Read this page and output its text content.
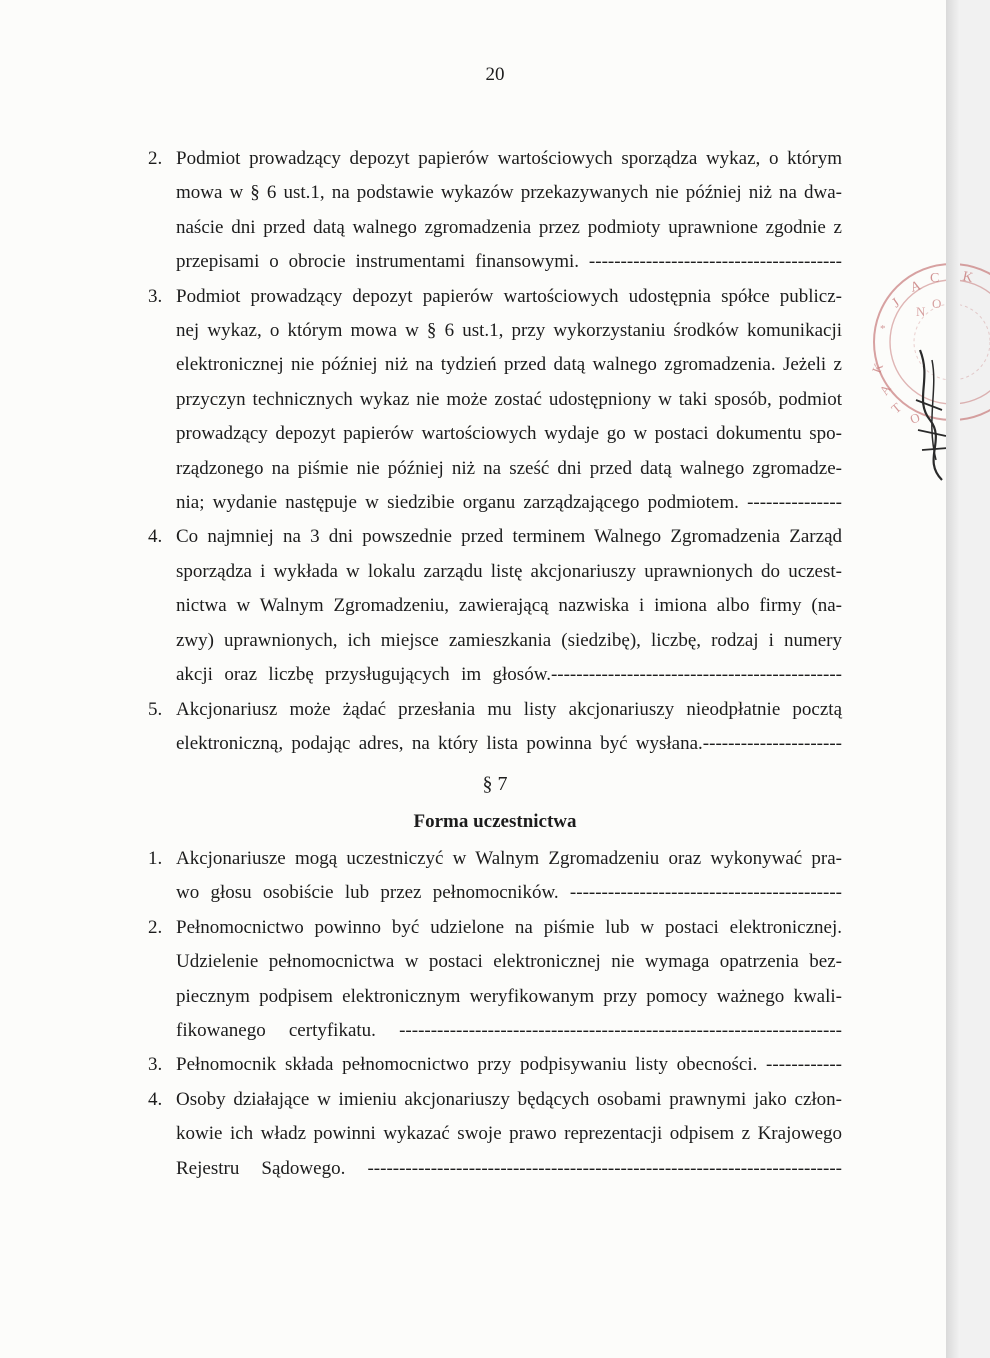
20
2. Podmiot prowadzący depozyt papierów wartościowych sporządza wykaz, o którym
mowa w § 6 ust.1, na podstawie wykazów przekazywanych nie później niż na dwa-
naście dni przed datą walnego zgromadzenia przez podmioty uprawnione zgodnie z
przepisami o obrocie instrumentami finansowymi. ----------------------------------------
3. Podmiot prowadzący depozyt papierów wartościowych udostępnia spółce publicz-
nej wykaz, o którym mowa w § 6 ust.1, przy wykorzystaniu środków komunikacji
elektronicznej nie później niż na tydzień przed datą walnego zgromadzenia. Jeżeli z
przyczyn technicznych wykaz nie może zostać udostępniony w taki sposób, podmiot
prowadzący depozyt papierów wartościowych wydaje go w postaci dokumentu spo-
rządzonego na piśmie nie później niż na sześć dni przed datą walnego zgromadze-
nia; wydanie następuje w siedzibie organu zarządzającego podmiotem. ---------------
4. Co najmniej na 3 dni powszednie przed terminem Walnego Zgromadzenia Zarząd
sporządza i wykłada w lokalu zarządu listę akcjonariuszy uprawnionych do uczest-
nictwa w Walnym Zgromadzeniu, zawierającą nazwiska i imiona albo firmy (na-
zwy) uprawnionych, ich miejsce zamieszkania (siedzibę), liczbę, rodzaj i numery
akcji oraz liczbę przysługujących im głosów.----------------------------------------------
5. Akcjonariusz może żądać przesłania mu listy akcjonariuszy nieodpłatnie pocztą
elektroniczną, podając adres, na który lista powinna być wysłana.----------------------
§ 7
Forma uczestnictwa
1. Akcjonariusze mogą uczestniczyć w Walnym Zgromadzeniu oraz wykonywać pra-
wo głosu osobiście lub przez pełnomocników. -------------------------------------------
2. Pełnomocnictwo powinno być udzielone na piśmie lub w postaci elektronicznej.
Udzielenie pełnomocnictwa w postaci elektronicznej nie wymaga opatrzenia bez-
piecznym podpisem elektronicznym weryfikowanym przy pomocy ważnego kwali-
fikowanego certyfikatu. ----------------------------------------------------------------------
3. Pełnomocnik składa pełnomocnictwo przy podpisywaniu listy obecności. ------------
4. Osoby działające w imieniu akcjonariuszy będących osobami prawnymi jako człon-
kowie ich władz powinni wykazać swoje prawo reprezentacji odpisem z Krajowego
Rejestru Sądowego. ---------------------------------------------------------------------------
J
A C K
N
O
K
A
T
O
*
